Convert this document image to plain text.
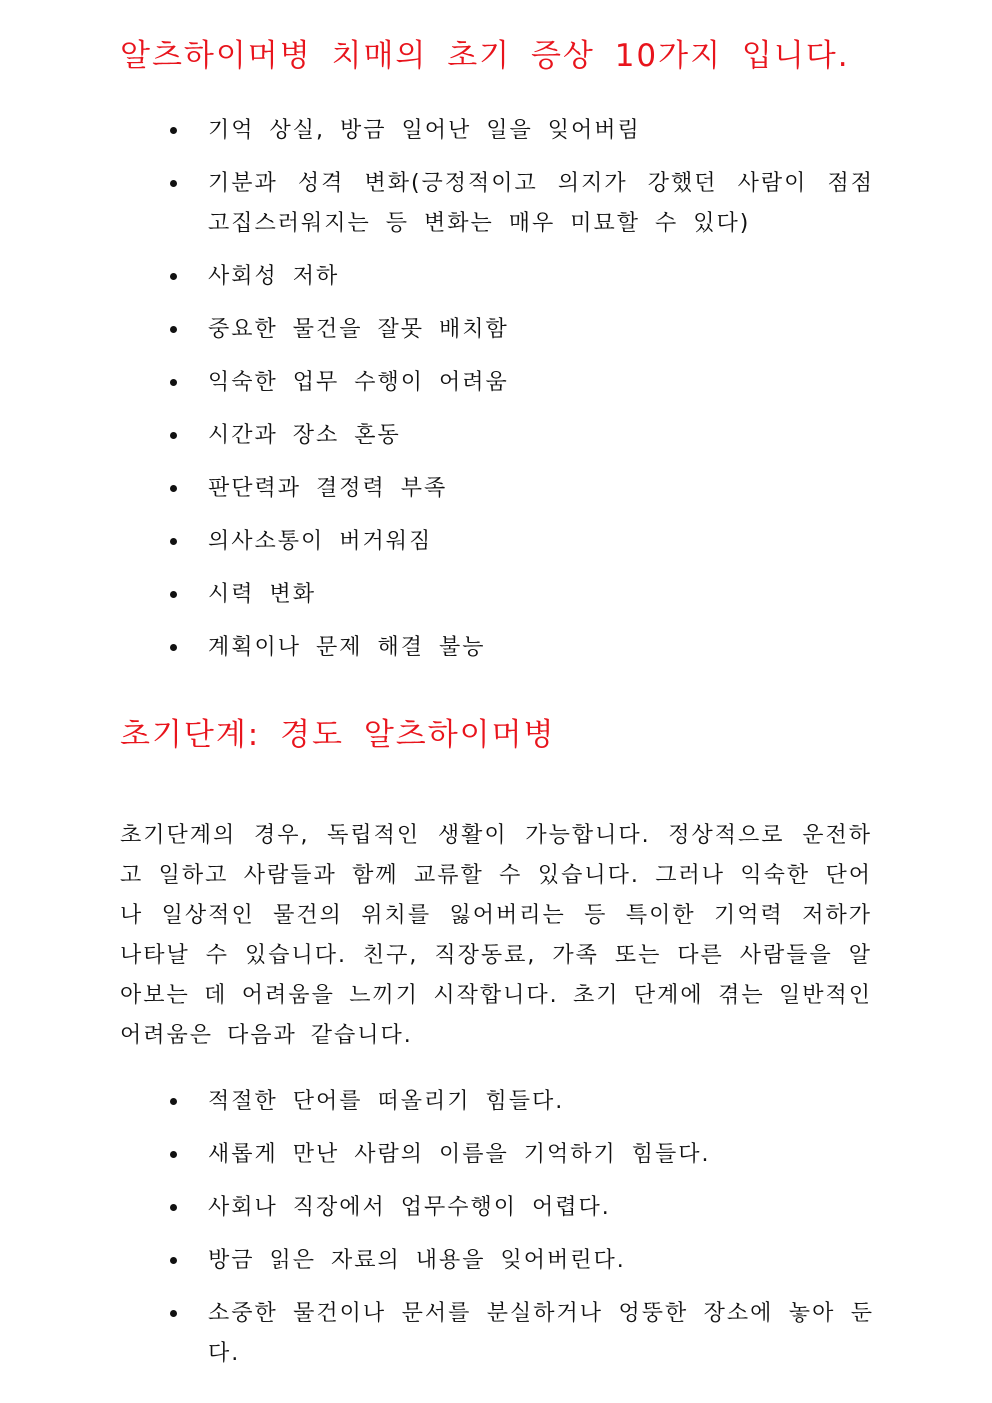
알츠하이머병 치매의 초기 증상 10가지 입니다.
기억 상실, 방금 일어난 일을 잊어버림
기분과 성격 변화(긍정적이고 의지가 강했던 사람이 점점 고집스러워지는 등 변화는 매우 미묘할 수 있다)
사회성 저하
중요한 물건을 잘못 배치함
익숙한 업무 수행이 어려움
시간과 장소 혼동
판단력과 결정력 부족
의사소통이 버거워짐
시력 변화
계획이나 문제 해결 불능
초기단계: 경도 알츠하이머병

초기단계의 경우, 독립적인 생활이 가능합니다. 정상적으로 운전하고 일하고 사람들과 함께 교류할 수 있습니다. 그러나 익숙한 단어나 일상적인 물건의 위치를 잃어버리는 등 특이한 기억력 저하가 나타날 수 있습니다. 친구, 직장동료, 가족 또는 다른 사람들을 알아보는 데 어려움을 느끼기 시작합니다. 초기 단계에 겪는 일반적인 어려움은 다음과 같습니다.

적절한 단어를 떠올리기 힘들다.
새롭게 만난 사람의 이름을 기억하기 힘들다.
사회나 직장에서 업무수행이 어렵다.
방금 읽은 자료의 내용을 잊어버린다.
소중한 물건이나 문서를 분실하거나 엉뚱한 장소에 놓아 둔다.
